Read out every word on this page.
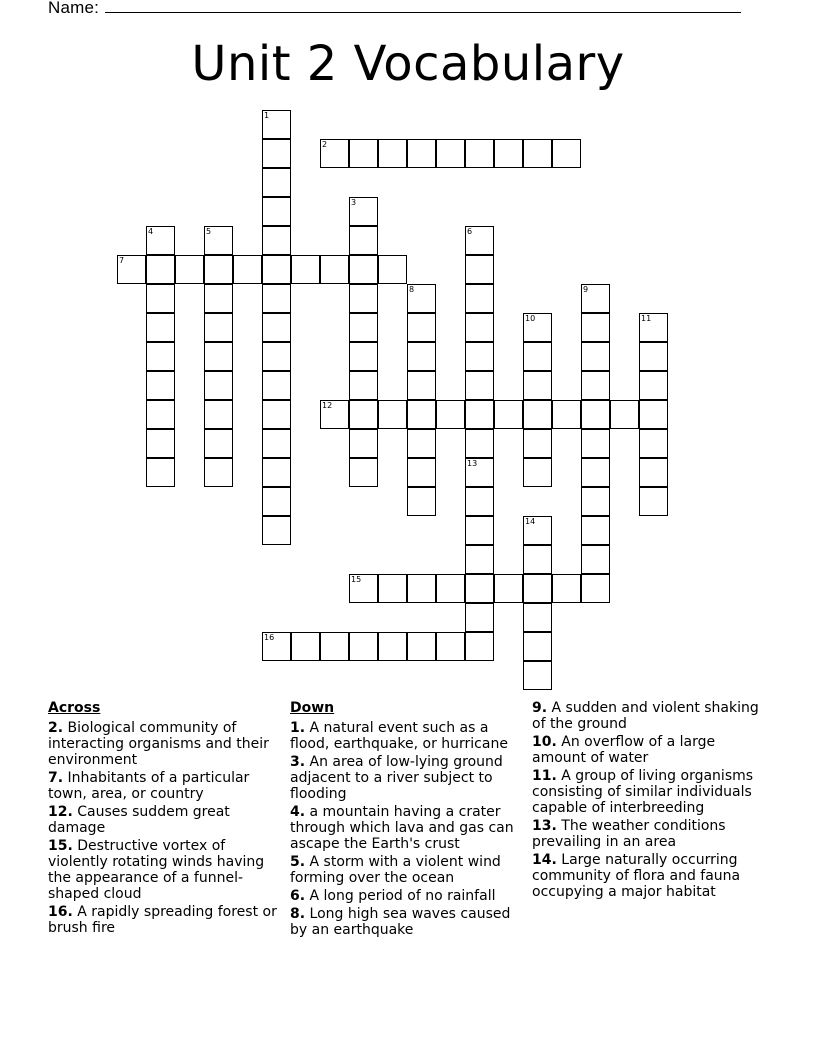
Name:
Unit 2 Vocabulary
1
2
3
4	5	6
13
7
8	9
10	11
12
14
15
16
Across
2. Biological community of interacting organisms and their environment
7. Inhabitants of a particular town, area, or country
12. Causes suddem great damage
15. Destructive vortex of violently rotating winds having the appearance of a funnel-shaped cloud
16. A rapidly spreading forest or brush fire
Down
1. A natural event such as a flood, earthquake, or hurricane
3. An area of low-lying ground adjacent to a river subject to flooding
4. a mountain having a crater through which lava and gas can ascape the Earth's crust
5. A storm with a violent wind forming over the ocean
6. A long period of no rainfall
8. Long high sea waves caused by an earthquake
9. A sudden and violent shaking of the ground
10. An overflow of a large amount of water
11. A group of living organisms consisting of similar individuals capable of interbreeding
13. The weather conditions prevailing in an area
14. Large naturally occurring community of flora and fauna occupying a major habitat
